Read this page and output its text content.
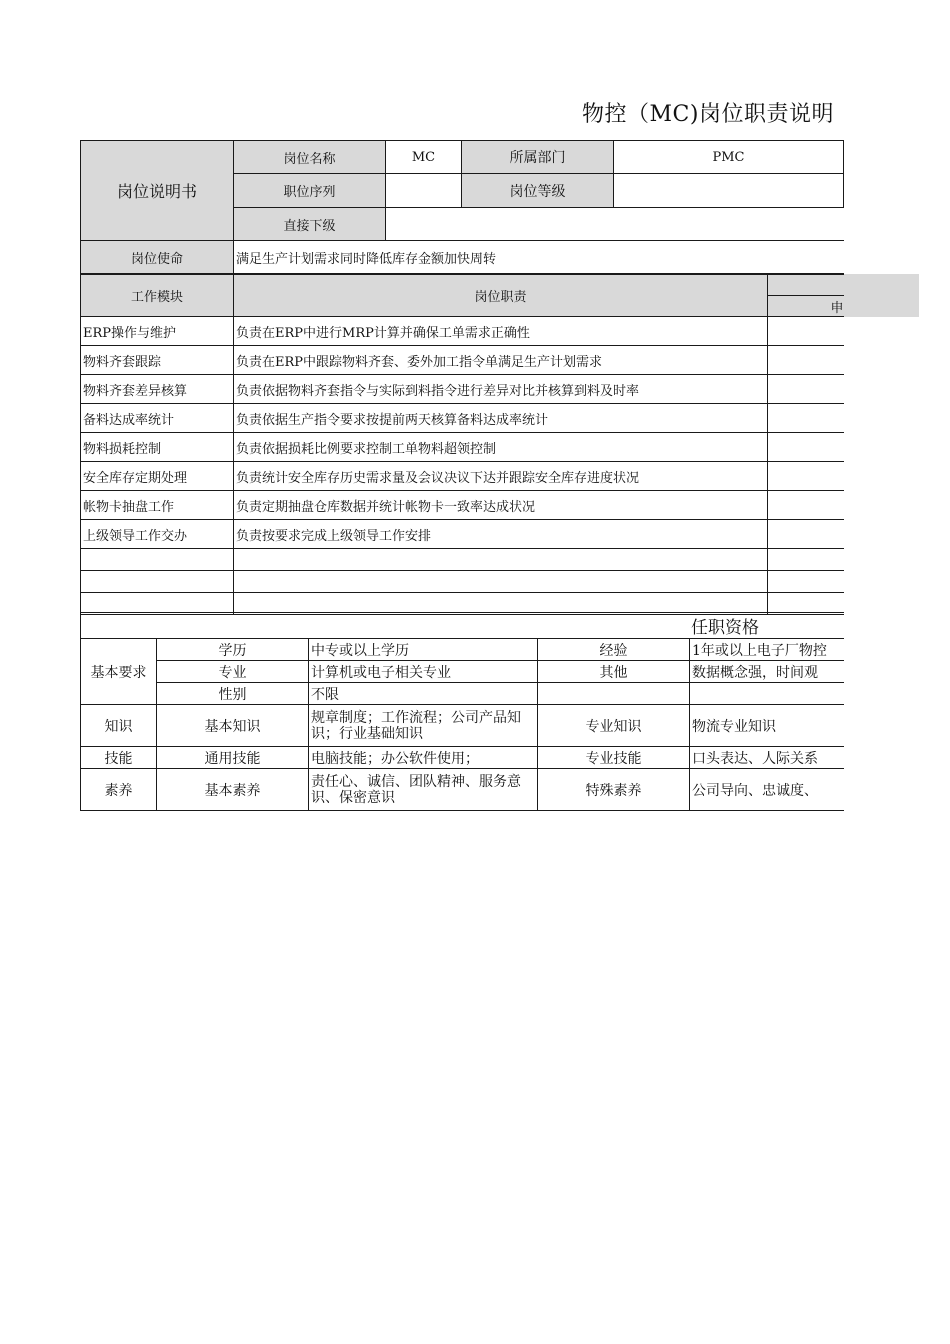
物控（MC)岗位职责说明
岗位说明书	岗位名称	MC	所属部门	PMC
	职位序列		岗位等级	
	直接下级			
岗位使命	满足生产计划需求同时降低库存金额加快周转			
工作模块	岗位职责	
		申
ERP操作与维护	负责在ERP中进行MRP计算并确保工单需求正确性	
物料齐套跟踪	负责在ERP中跟踪物料齐套、委外加工指令单满足生产计划需求	
物料齐套差异核算	负责依据物料齐套指令与实际到料指令进行差异对比并核算到料及时率	
备料达成率统计	负责依据生产指令要求按提前两天核算备料达成率统计	
物料损耗控制	负责依据损耗比例要求控制工单物料超领控制	
安全库存定期处理	负责统计安全库存历史需求量及会议决议下达并跟踪安全库存进度状况	
帐物卡抽盘工作	负责定期抽盘仓库数据并统计帐物卡一致率达成状况	
上级领导工作交办	负责按要求完成上级领导工作安排	

任职资格				
基本要求	学历	中专或以上学历	经验	1年或以上电子厂物控
	专业	计算机或电子相关专业	其他	数据概念强，时间观
	性别	不限		
知识	基本知识	规章制度；工作流程；公司产品知识；行业基础知识	专业知识	物流专业知识
技能	通用技能	电脑技能；办公软件使用；	专业技能	口头表达、人际关系
素养	基本素养	责任心、诚信、团队精神、服务意识、保密意识	特殊素养	公司导向、忠诚度、
